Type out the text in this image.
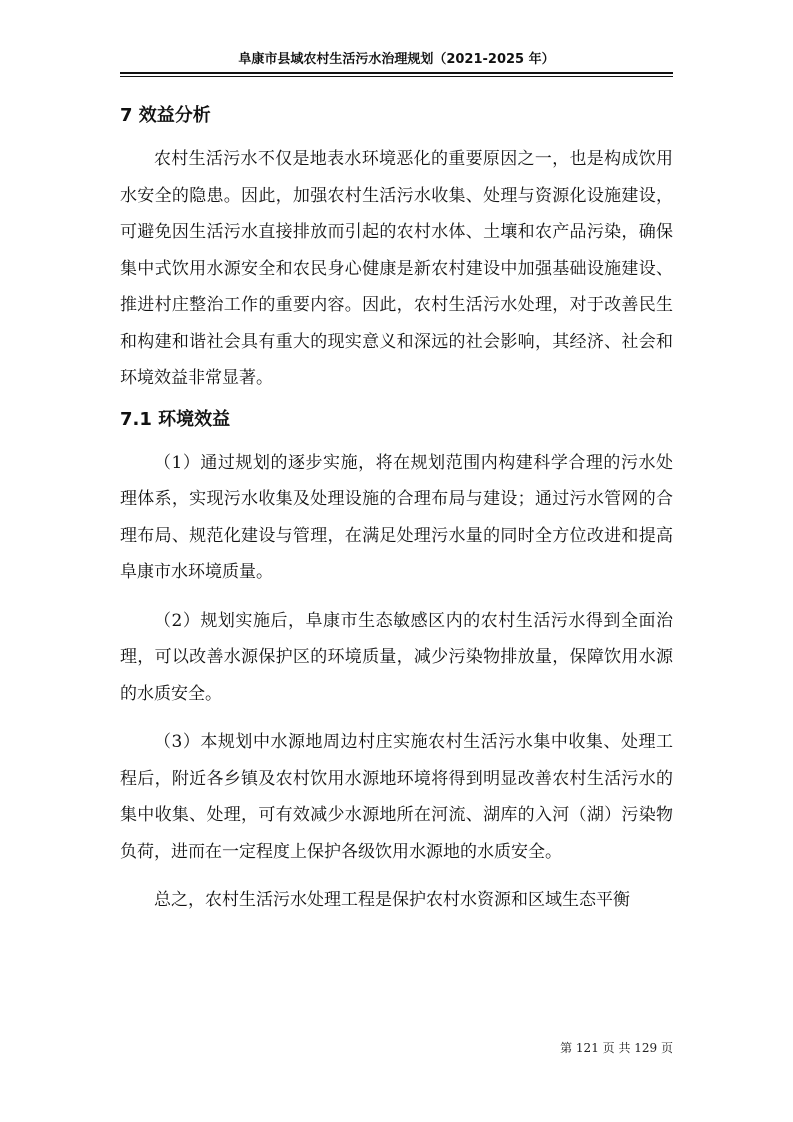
阜康市县域农村生活污水治理规划（2021-2025 年）
7 效益分析

农村生活污水不仅是地表水环境恶化的重要原因之一，也是构成饮用水安全的隐患。因此，加强农村生活污水收集、处理与资源化设施建设，可避免因生活污水直接排放而引起的农村水体、土壤和农产品污染，确保集中式饮用水源安全和农民身心健康是新农村建设中加强基础设施建设、推进村庄整治工作的重要内容。因此，农村生活污水处理，对于改善民生和构建和谐社会具有重大的现实意义和深远的社会影响，其经济、社会和环境效益非常显著。

7.1 环境效益

（1）通过规划的逐步实施，将在规划范围内构建科学合理的污水处理体系，实现污水收集及处理设施的合理布局与建设；通过污水管网的合理布局、规范化建设与管理，在满足处理污水量的同时全方位改进和提高阜康市水环境质量。

（2）规划实施后，阜康市生态敏感区内的农村生活污水得到全面治理，可以改善水源保护区的环境质量，减少污染物排放量，保障饮用水源的水质安全。

（3）本规划中水源地周边村庄实施农村生活污水集中收集、处理工程后，附近各乡镇及农村饮用水源地环境将得到明显改善农村生活污水的集中收集、处理，可有效减少水源地所在河流、湖库的入河（湖）污染物负荷，进而在一定程度上保护各级饮用水源地的水质安全。

总之，农村生活污水处理工程是保护农村水资源和区域生态平衡

第 121 页 共 129 页
